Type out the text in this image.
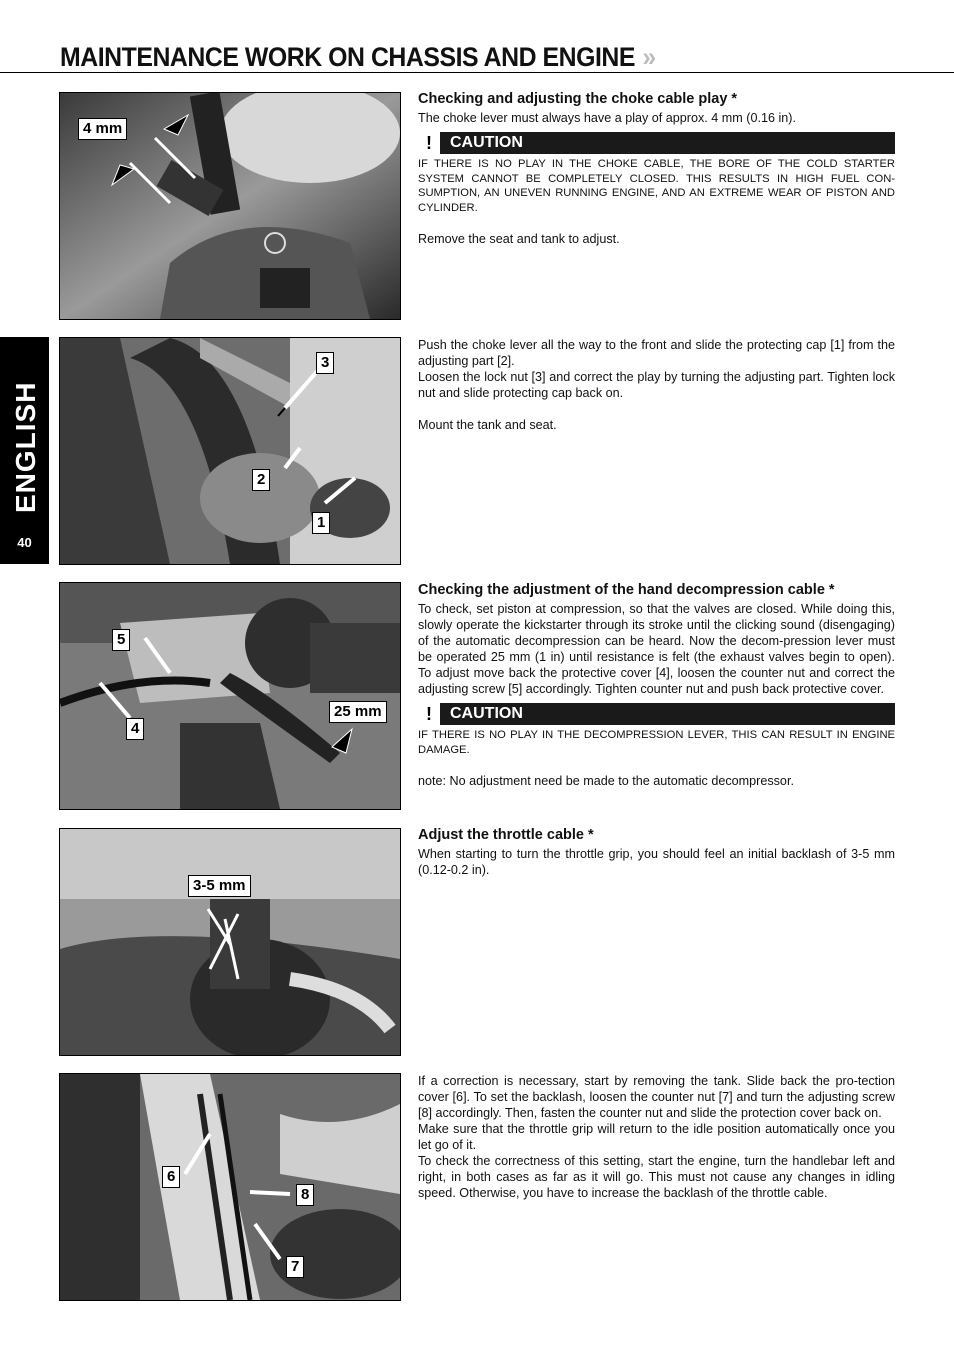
MAINTENANCE WORK ON CHASSIS AND ENGINE »
ENGLISH
40
4 mm
3
2
1
5
4
25 mm
3-5 mm
6
8
7
Checking and adjusting the choke cable play *

The choke lever must always have a play of approx. 4 mm (0.16 in).

!	CAUTION

IF THERE IS NO PLAY IN THE CHOKE CABLE, THE BORE OF THE COLD STARTER SYSTEM CANNOT BE COMPLETELY CLOSED. THIS RESULTS IN HIGH FUEL CON-SUMPTION, AN UNEVEN RUNNING ENGINE, AND AN EXTREME WEAR OF PISTON AND CYLINDER.

Remove the seat and tank to adjust.

Push the choke lever all the way to the front and slide the protecting cap [1] from the adjusting part [2].

Loosen the lock nut [3] and correct the play by turning the adjusting part. Tighten lock nut and slide protecting cap back on.

Mount the tank and seat.

Checking the adjustment of the hand decompression cable *

To check, set piston at compression, so that the valves are closed. While doing this, slowly operate the kickstarter through its stroke until the clicking sound (disengaging) of the automatic decompression can be heard. Now the decom-pression lever must be operated 25 mm (1 in) until resistance is felt (the exhaust valves begin to open). To adjust move back the protective cover [4], loosen the counter nut and correct the adjusting screw [5] accordingly. Tighten counter nut and push back protective cover.

!	CAUTION

IF THERE IS NO PLAY IN THE DECOMPRESSION LEVER, THIS CAN RESULT IN ENGINE DAMAGE.

note: No adjustment need be made to the automatic decompressor.

Adjust the throttle cable *

When starting to turn the throttle grip, you should feel an initial backlash of 3-5 mm (0.12-0.2 in).

If a correction is necessary, start by removing the tank. Slide back the pro-tection cover [6]. To set the backlash, loosen the counter nut [7] and turn the adjusting screw [8] accordingly. Then, fasten the counter nut and slide the protection cover back on.

Make sure that the throttle grip will return to the idle position automatically once you let go of it.

To check the correctness of this setting, start the engine, turn the handlebar left and right, in both cases as far as it will go. This must not cause any changes in idling speed. Otherwise, you have to increase the backlash of the throttle cable.
